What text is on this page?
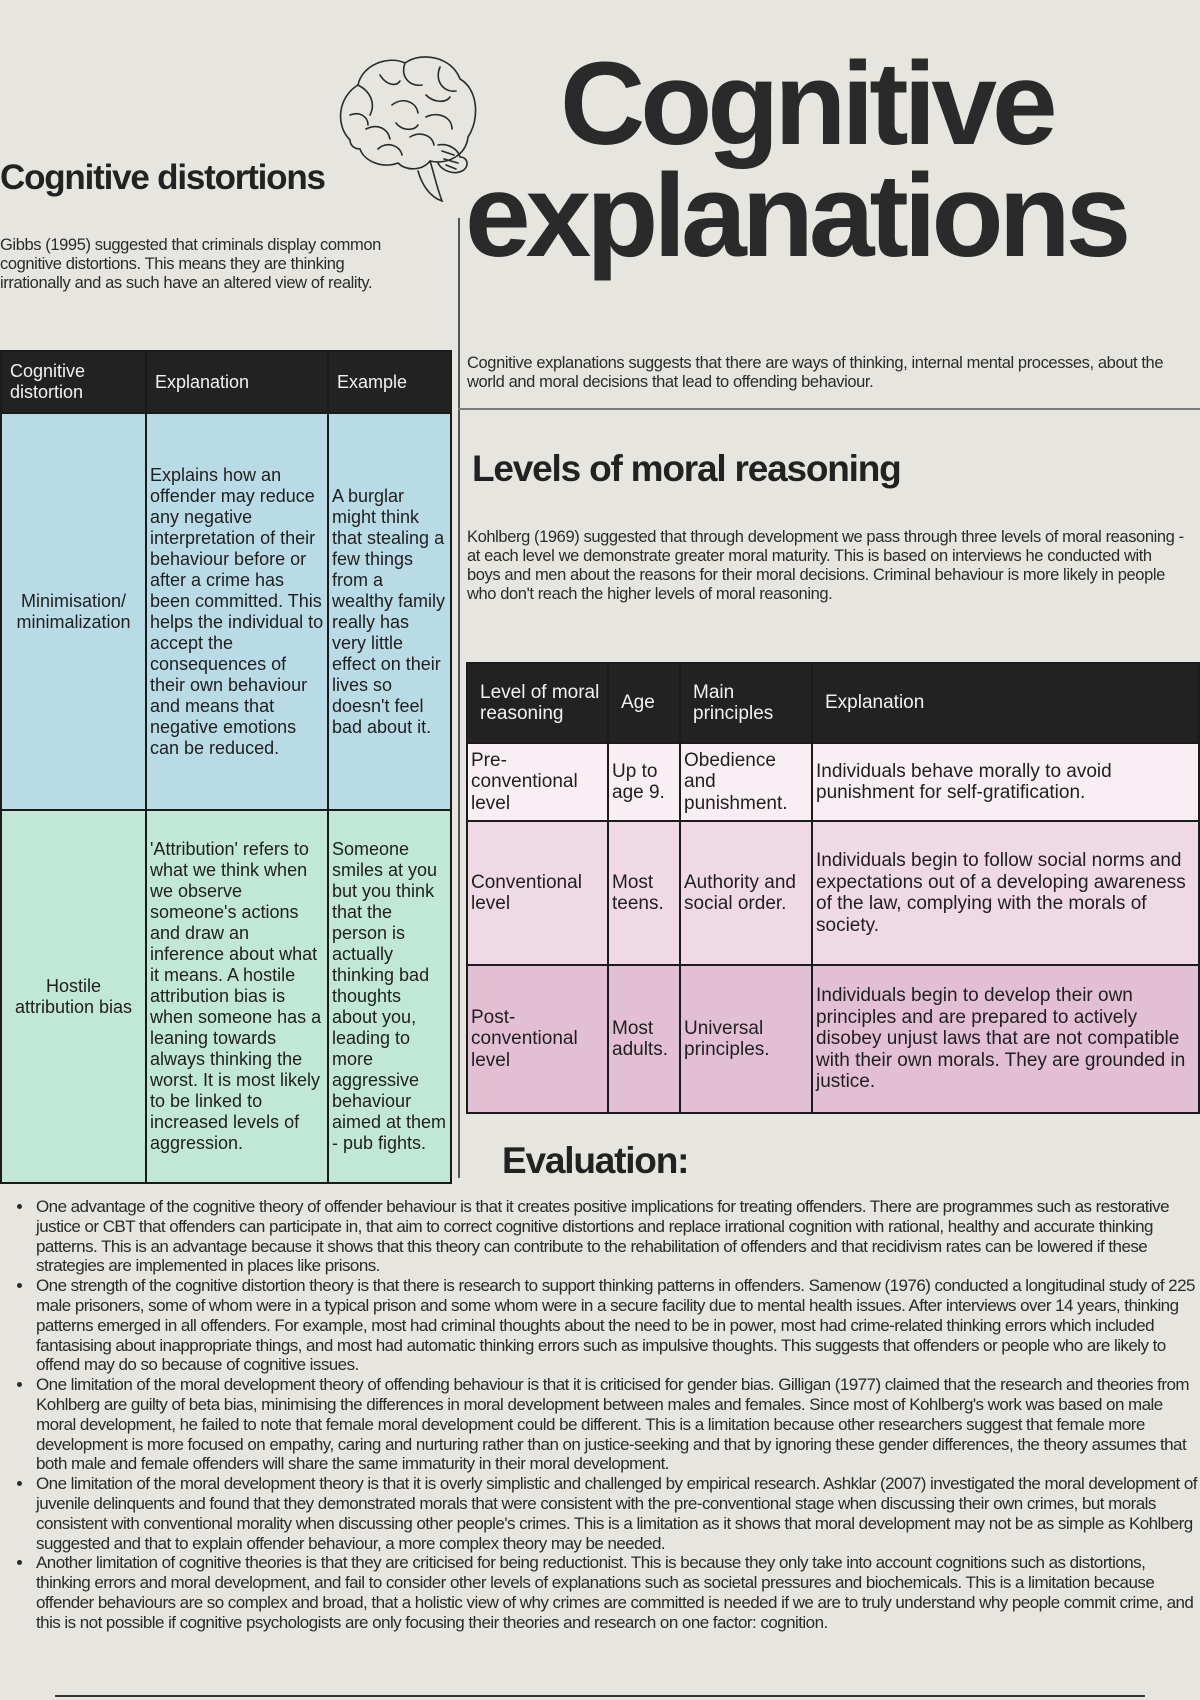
Cognitive
explanations
Cognitive distortions
Gibbs (1995) suggested that criminals display common cognitive distortions. This means they are thinking irrationally and as such have an altered view of reality.
Cognitive distortion	Explanation	Example
Minimisation/ minimalization	Explains how an offender may reduce any negative interpretation of their behaviour before or after a crime has been committed. This helps the individual to accept the consequences of their own behaviour and means that negative emotions can be reduced.	A burglar might think that stealing a few things from a wealthy family really has very little effect on their lives so doesn't feel bad about it.
Hostile attribution bias	'Attribution' refers to what we think when we observe someone's actions and draw an inference about what it means. A hostile attribution bias is when someone has a leaning towards always thinking the worst. It is most likely to be linked to increased levels of aggression.	Someone smiles at you but you think that the person is actually thinking bad thoughts about you, leading to more aggressive behaviour aimed at them - pub fights.
Cognitive explanations suggests that there are ways of thinking, internal mental processes, about the world and moral decisions that lead to offending behaviour.
Levels of moral reasoning
Kohlberg (1969) suggested that through development we pass through three levels of moral reasoning - at each level we demonstrate greater moral maturity. This is based on interviews he conducted with boys and men about the reasons for their moral decisions. Criminal behaviour is more likely in people who don't reach the higher levels of moral reasoning.
Level of moral reasoning	Age	Main principles	Explanation
Pre-conventional level	Up to age 9.	Obedience and punishment.	Individuals behave morally to avoid punishment for self-gratification.
Conventional level	Most teens.	Authority and social order.	Individuals begin to follow social norms and expectations out of a developing awareness of the law, complying with the morals of society.
Post-conventional level	Most adults.	Universal principles.	Individuals begin to develop their own principles and are prepared to actively disobey unjust laws that are not compatible with their own morals. They are grounded in justice.
Evaluation:
• One advantage of the cognitive theory of offender behaviour is that it creates positive implications for treating offenders. There are programmes such as restorative justice or CBT that offenders can participate in, that aim to correct cognitive distortions and replace irrational cognition with rational, healthy and accurate thinking patterns. This is an advantage because it shows that this theory can contribute to the rehabilitation of offenders and that recidivism rates can be lowered if these strategies are implemented in places like prisons.
• One strength of the cognitive distortion theory is that there is research to support thinking patterns in offenders. Samenow (1976) conducted a longitudinal study of 225 male prisoners, some of whom were in a typical prison and some whom were in a secure facility due to mental health issues. After interviews over 14 years, thinking patterns emerged in all offenders. For example, most had criminal thoughts about the need to be in power, most had crime-related thinking errors which included fantasising about inappropriate things, and most had automatic thinking errors such as impulsive thoughts. This suggests that offenders or people who are likely to offend may do so because of cognitive issues.
• One limitation of the moral development theory of offending behaviour is that it is criticised for gender bias. Gilligan (1977) claimed that the research and theories from Kohlberg are guilty of beta bias, minimising the differences in moral development between males and females. Since most of Kohlberg's work was based on male moral development, he failed to note that female moral development could be different. This is a limitation because other researchers suggest that female more development is more focused on empathy, caring and nurturing rather than on justice-seeking and that by ignoring these gender differences, the theory assumes that both male and female offenders will share the same immaturity in their moral development.
• One limitation of the moral development theory is that it is overly simplistic and challenged by empirical research. Ashklar (2007) investigated the moral development of juvenile delinquents and found that they demonstrated morals that were consistent with the pre-conventional stage when discussing their own crimes, but morals consistent with conventional morality when discussing other people's crimes. This is a limitation as it shows that moral development may not be as simple as Kohlberg suggested and that to explain offender behaviour, a more complex theory may be needed.
• Another limitation of cognitive theories is that they are criticised for being reductionist. This is because they only take into account cognitions such as distortions, thinking errors and moral development, and fail to consider other levels of explanations such as societal pressures and biochemicals. This is a limitation because offender behaviours are so complex and broad, that a holistic view of why crimes are committed is needed if we are to truly understand why people commit crime, and this is not possible if cognitive psychologists are only focusing their theories and research on one factor: cognition.
